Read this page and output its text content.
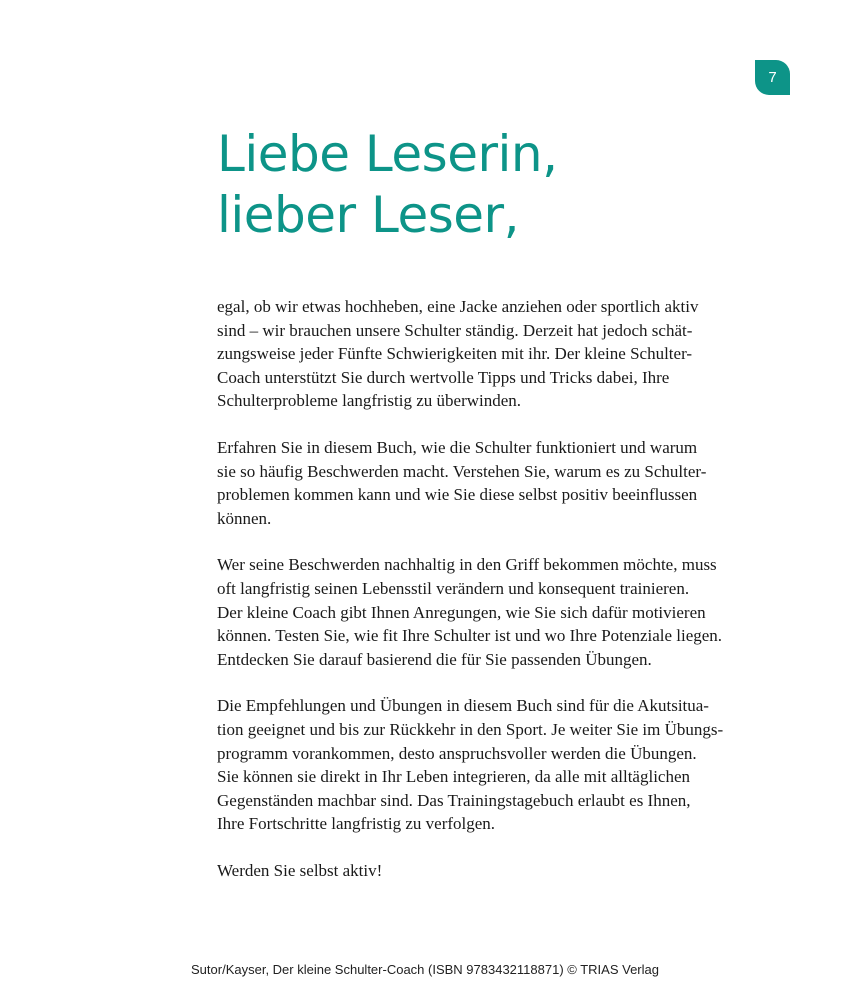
7
Liebe Leserin,
lieber Leser,

egal, ob wir etwas hochheben, eine Jacke anziehen oder sportlich aktiv
sind – wir brauchen unsere Schulter ständig. Derzeit hat jedoch schät-
zungsweise jeder Fünfte Schwierigkeiten mit ihr. Der kleine Schulter-
Coach unterstützt Sie durch wertvolle Tipps und Tricks dabei, Ihre
Schulterprobleme langfristig zu überwinden.

Erfahren Sie in diesem Buch, wie die Schulter funktioniert und warum
sie so häufig Beschwerden macht. Verstehen Sie, warum es zu Schulter-
problemen kommen kann und wie Sie diese selbst positiv beeinflussen
können.

Wer seine Beschwerden nachhaltig in den Griff bekommen möchte, muss
oft langfristig seinen Lebensstil verändern und konsequent trainieren.
Der kleine Coach gibt Ihnen Anregungen, wie Sie sich dafür motivieren
können. Testen Sie, wie fit Ihre Schulter ist und wo Ihre Potenziale liegen.
Entdecken Sie darauf basierend die für Sie passenden Übungen.

Die Empfehlungen und Übungen in diesem Buch sind für die Akutsitua-
tion geeignet und bis zur Rückkehr in den Sport. Je weiter Sie im Übungs-
programm vorankommen, desto anspruchsvoller werden die Übungen.
Sie können sie direkt in Ihr Leben integrieren, da alle mit alltäglichen
Gegenständen machbar sind. Das Trainingstagebuch erlaubt es Ihnen,
Ihre Fortschritte langfristig zu verfolgen.

Werden Sie selbst aktiv!

Sutor/Kayser, Der kleine Schulter-Coach (ISBN 9783432118871) © TRIAS Verlag
